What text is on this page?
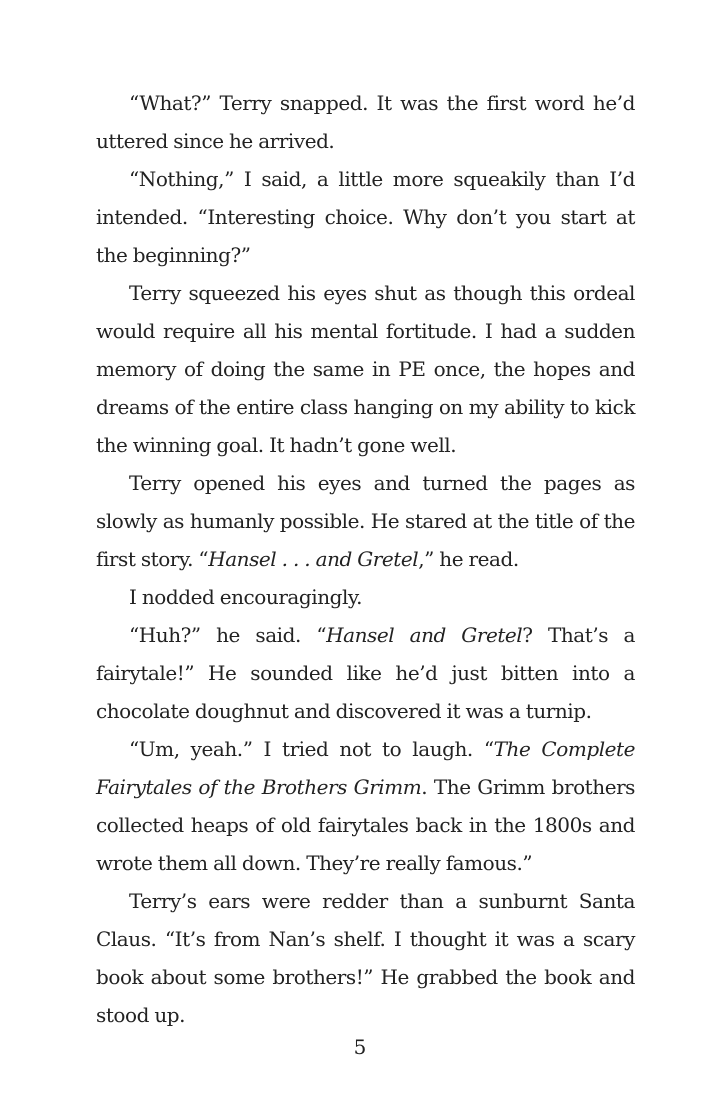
“What?” Terry snapped. It was the first word he’d uttered since he arrived.

“Nothing,” I said, a little more squeakily than I’d intended. “Interesting choice. Why don’t you start at the beginning?”

Terry squeezed his eyes shut as though this ordeal would require all his mental fortitude. I had a sudden memory of doing the same in PE once, the hopes and dreams of the entire class hanging on my ability to kick the winning goal. It hadn’t gone well.

Terry opened his eyes and turned the pages as slowly as humanly possible. He stared at the title of the first story. “Hansel . . . and Gretel,” he read.

I nodded encouragingly.

“Huh?” he said. “Hansel and Gretel? That’s a fairytale!” He sounded like he’d just bitten into a chocolate doughnut and discovered it was a turnip.

“Um, yeah.” I tried not to laugh. “The Complete Fairytales of the Brothers Grimm. The Grimm brothers collected heaps of old fairytales back in the 1800s and wrote them all down. They’re really famous.”

Terry’s ears were redder than a sunburnt Santa Claus. “It’s from Nan’s shelf. I thought it was a scary book about some brothers!” He grabbed the book and stood up.

5
